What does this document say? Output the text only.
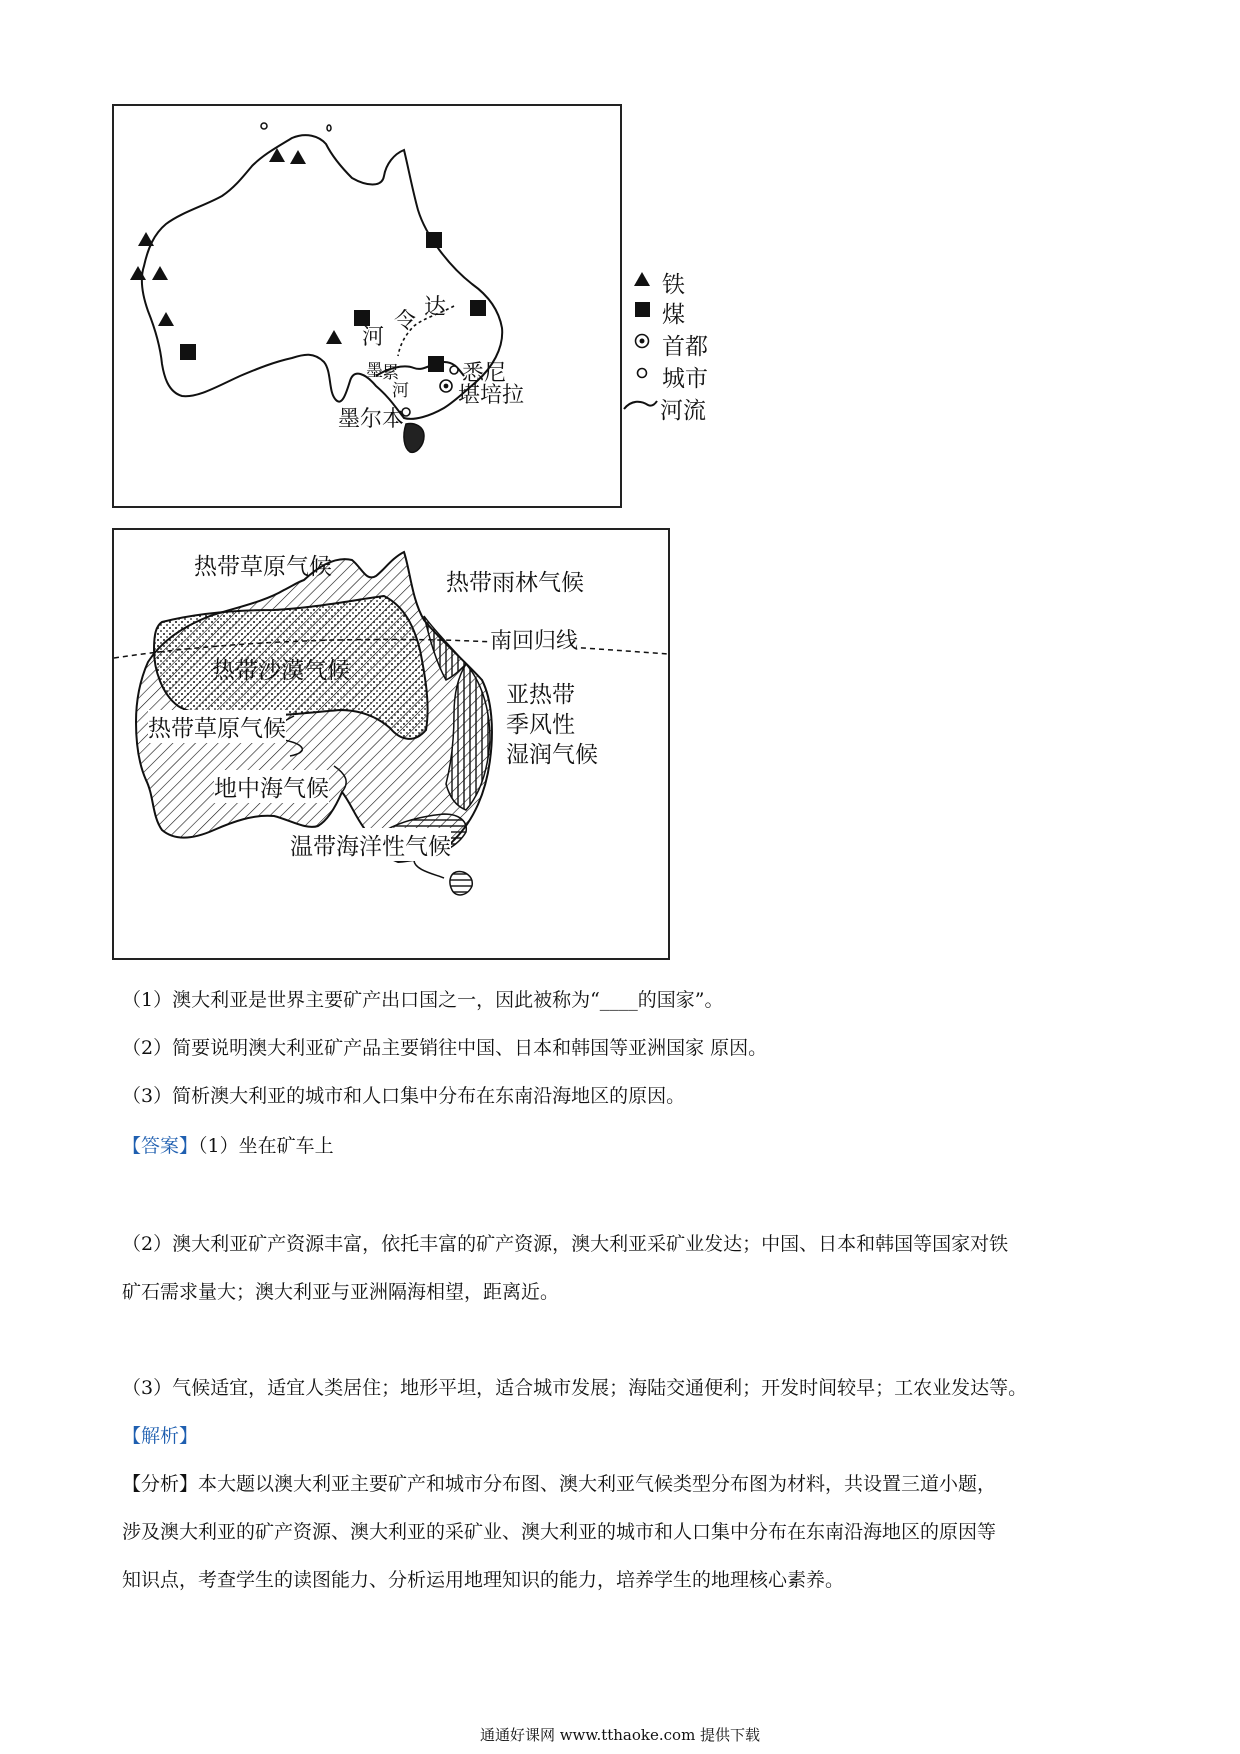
达
令
河
墨 累
河
悉尼
堪培拉
墨尔本
铁
煤
首都
城市
河流
热带草原气候
热带雨林气候
南回归线
热带沙漠气候
亚热带
季风性
湿润气候
热带草原气候
地中海气候
温带海洋性气候
（1）澳大利亚是世界主要矿产出口国之一，因此被称为“____的国家”。
（2）简要说明澳大利亚矿产品主要销往中国、日本和韩国等亚洲国家 原因。
（3）简析澳大利亚的城市和人口集中分布在东南沿海地区的原因。
【答案】（1）坐在矿车上
（2）澳大利亚矿产资源丰富，依托丰富的矿产资源，澳大利亚采矿业发达；中国、日本和韩国等国家对铁
矿石需求量大；澳大利亚与亚洲隔海相望，距离近。
（3）气候适宜，适宜人类居住；地形平坦，适合城市发展；海陆交通便利；开发时间较早；工农业发达等。
【解析】
【分析】本大题以澳大利亚主要矿产和城市分布图、澳大利亚气候类型分布图为材料，共设置三道小题，
涉及澳大利亚的矿产资源、澳大利亚的采矿业、澳大利亚的城市和人口集中分布在东南沿海地区的原因等
知识点，考查学生的读图能力、分析运用地理知识的能力，培养学生的地理核心素养。
通通好课网 www.tthaoke.com 提供下载
